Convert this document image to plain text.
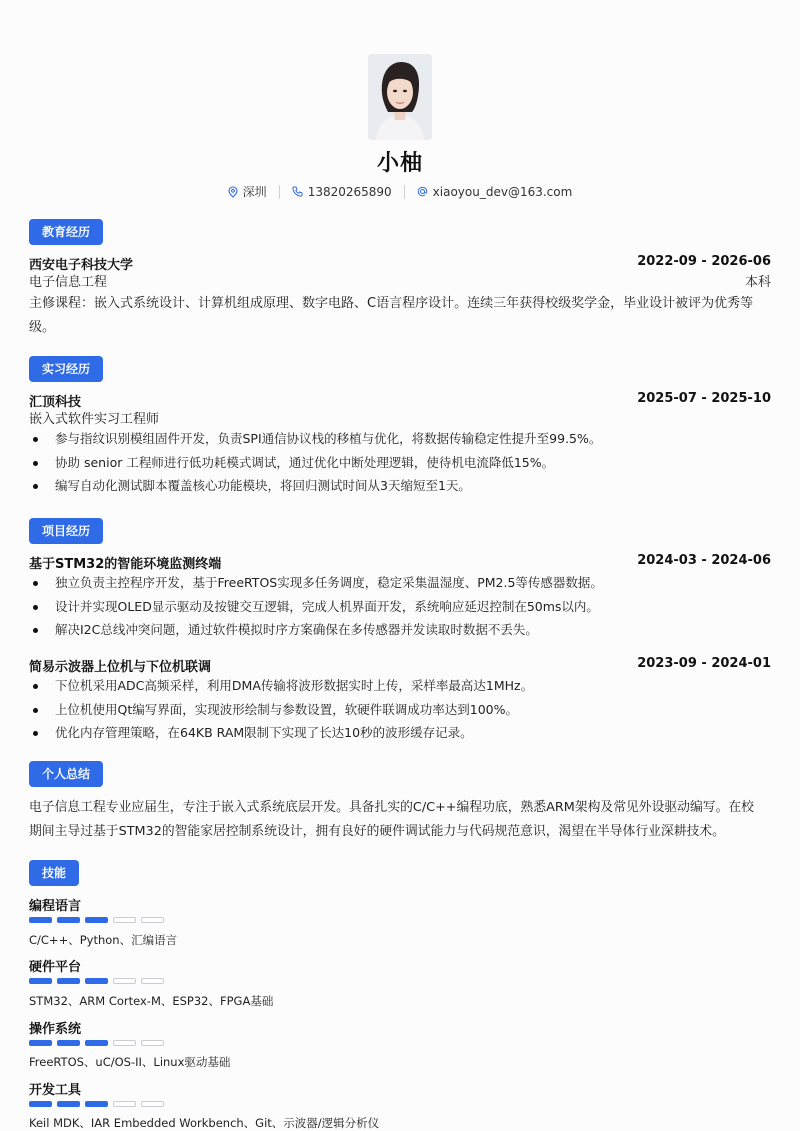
小柚
深圳	13820265890	xiaoyou_dev@163.com
教育经历
西安电子科技大学	2022-09 - 2026-06
电子信息工程	本科
主修课程：嵌入式系统设计、计算机组成原理、数字电路、C语言程序设计。连续三年获得校级奖学金，毕业设计被评为优秀等
级。
实习经历
汇顶科技	2025-07 - 2025-10
嵌入式软件实习工程师
参与指纹识别模组固件开发，负责SPI通信协议栈的移植与优化，将数据传输稳定性提升至99.5%。
协助 senior 工程师进行低功耗模式调试，通过优化中断处理逻辑，使待机电流降低15%。
编写自动化测试脚本覆盖核心功能模块，将回归测试时间从3天缩短至1天。
项目经历
基于STM32的智能环境监测终端	2024-03 - 2024-06
独立负责主控程序开发，基于FreeRTOS实现多任务调度，稳定采集温湿度、PM2.5等传感器数据。
设计并实现OLED显示驱动及按键交互逻辑，完成人机界面开发，系统响应延迟控制在50ms以内。
解决I2C总线冲突问题，通过软件模拟时序方案确保在多传感器并发读取时数据不丢失。
简易示波器上位机与下位机联调	2023-09 - 2024-01
下位机采用ADC高频采样，利用DMA传输将波形数据实时上传，采样率最高达1MHz。
上位机使用Qt编写界面，实现波形绘制与参数设置，软硬件联调成功率达到100%。
优化内存管理策略，在64KB RAM限制下实现了长达10秒的波形缓存记录。
个人总结
电子信息工程专业应届生，专注于嵌入式系统底层开发。具备扎实的C/C++编程功底，熟悉ARM架构及常见外设驱动编写。在校
期间主导过基于STM32的智能家居控制系统设计，拥有良好的硬件调试能力与代码规范意识，渴望在半导体行业深耕技术。
技能
编程语言
C/C++、Python、汇编语言
硬件平台
STM32、ARM Cortex-M、ESP32、FPGA基础
操作系统
FreeRTOS、uC/OS-II、Linux驱动基础
开发工具
Keil MDK、IAR Embedded Workbench、Git、示波器/逻辑分析仪
